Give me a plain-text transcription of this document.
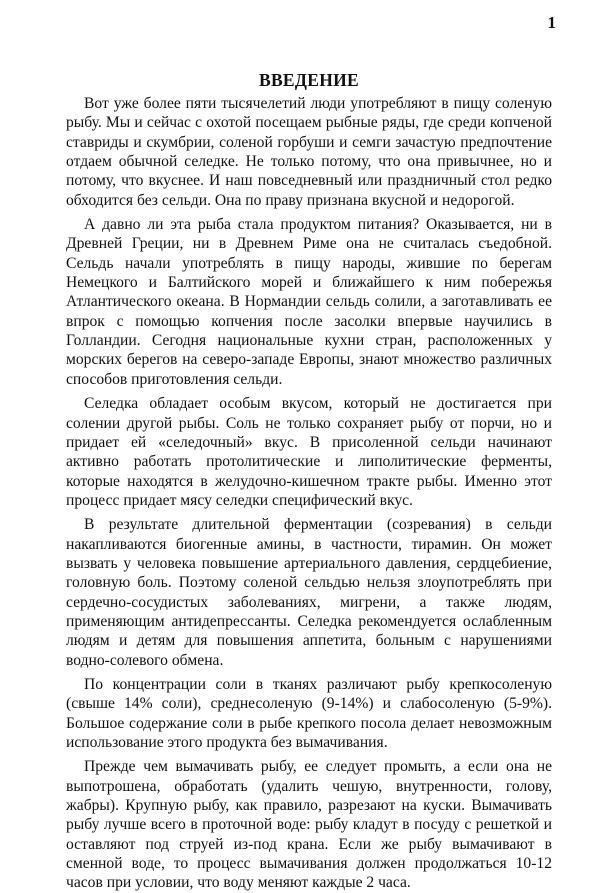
1
ВВЕДЕНИЕ

Вот уже более пяти тысячелетий люди употребляют в пищу соленую рыбу. Мы и сейчас с охотой посещаем рыбные ряды, где среди копченой ставриды и скумбрии, соленой горбуши и семги зачастую предпочтение отдаем обычной селедке. Не только потому, что она привычнее, но и потому, что вкуснее. И наш повседневный или праздничный стол редко обходится без сельди. Она по праву признана вкусной и недорогой.

А давно ли эта рыба стала продуктом питания? Оказывается, ни в Древней Греции, ни в Древнем Риме она не считалась съедобной. Сельдь начали употреблять в пищу народы, жившие по берегам Немецкого и Балтийского морей и ближайшего к ним побережья Атлантического океана. В Нормандии сельдь солили, а заготавливать ее впрок с помощью копчения после засолки впервые научились в Голландии. Сегодня национальные кухни стран, расположенных у морских берегов на северо-западе Европы, знают множество различных способов приготовления сельди.

Селедка обладает особым вкусом, который не достигается при солении другой рыбы. Соль не только сохраняет рыбу от порчи, но и придает ей «селедочный» вкус. В присоленной сельди начинают активно работать протолитические и липолитические ферменты, которые находятся в желудочно-кишечном тракте рыбы. Именно этот процесс придает мясу селедки специфический вкус.

В результате длительной ферментации (созревания) в сельди накапливаются биогенные амины, в частности, тирамин. Он может вызвать у человека повышение артериального давления, сердцебиение, головную боль. Поэтому соленой сельдью нельзя злоупотреблять при сердечно-сосудистых заболеваниях, мигрени, а также людям, применяющим антидепрессанты. Селедка рекомендуется ослабленным людям и детям для повышения аппетита, больным с нарушениями водно-солевого обмена.

По концентрации соли в тканях различают рыбу крепкосоленую (свыше 14% соли), среднесоленую (9-14%) и слабосоленую (5-9%). Большое содержание соли в рыбе крепкого посола делает невозможным использование этого продукта без вымачивания.

Прежде чем вымачивать рыбу, ее следует промыть, а если она не выпотрошена, обработать (удалить чешую, внутренности, голову, жабры). Крупную рыбу, как правило, разрезают на куски. Вымачивать рыбу лучше всего в проточной воде: рыбу кладут в посуду с решеткой и оставляют под струей из-под крана. Если же рыбу вымачивают в сменной воде, то процесс вымачивания должен продолжаться 10-12 часов при условии, что воду меняют каждые 2 часа.
